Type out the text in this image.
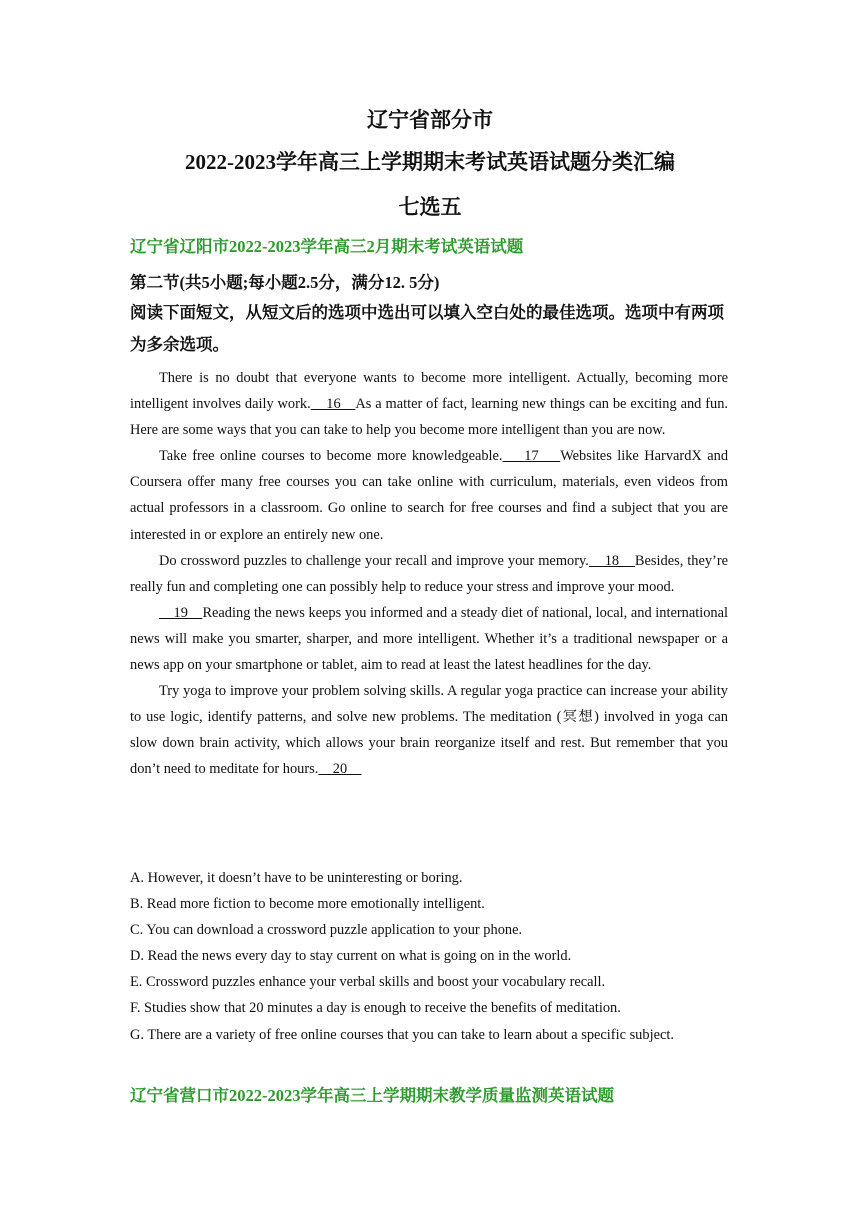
辽宁省部分市
2022-2023学年高三上学期期末考试英语试题分类汇编
七选五
辽宁省辽阳市2022-2023学年高三2月期末考试英语试题
第二节(共5小题;每小题2.5分，满分12. 5分)
阅读下面短文，从短文后的选项中选出可以填入空白处的最佳选项。选项中有两项为多余选项。

There is no doubt that everyone wants to become more intelligent. Actually, becoming more intelligent involves daily work.    16    As a matter of fact, learning new things can be exciting and fun. Here are some ways that you can take to help you become more intelligent than you are now.

Take free online courses to become more knowledgeable.    17    Websites like HarvardX and Coursera offer many free courses you can take online with curriculum, materials, even videos from actual professors in a classroom. Go online to search for free courses and find a subject that you are interested in or explore an entirely new one.

Do crossword puzzles to challenge your recall and improve your memory.    18    Besides, they’re really fun and completing one can possibly help to reduce your stress and improve your mood.

19    Reading the news keeps you informed and a steady diet of national, local, and international news will make you smarter, sharper, and more intelligent. Whether it’s a traditional newspaper or a news app on your smartphone or tablet, aim to read at least the latest headlines for the day.

Try yoga to improve your problem solving skills. A regular yoga practice can increase your ability to use logic, identify patterns, and solve new problems. The meditation (冥想) involved in yoga can slow down brain activity, which allows your brain reorganize itself and rest. But remember that you don’t need to meditate for hours.    20

A. However, it doesn’t have to be uninteresting or boring.
B. Read more fiction to become more emotionally intelligent.
C. You can download a crossword puzzle application to your phone.
D. Read the news every day to stay current on what is going on in the world.
E. Crossword puzzles enhance your verbal skills and boost your vocabulary recall.
F. Studies show that 20 minutes a day is enough to receive the benefits of meditation.
G. There are a variety of free online courses that you can take to learn about a specific subject.
辽宁省营口市2022-2023学年高三上学期期末教学质量监测英语试题
